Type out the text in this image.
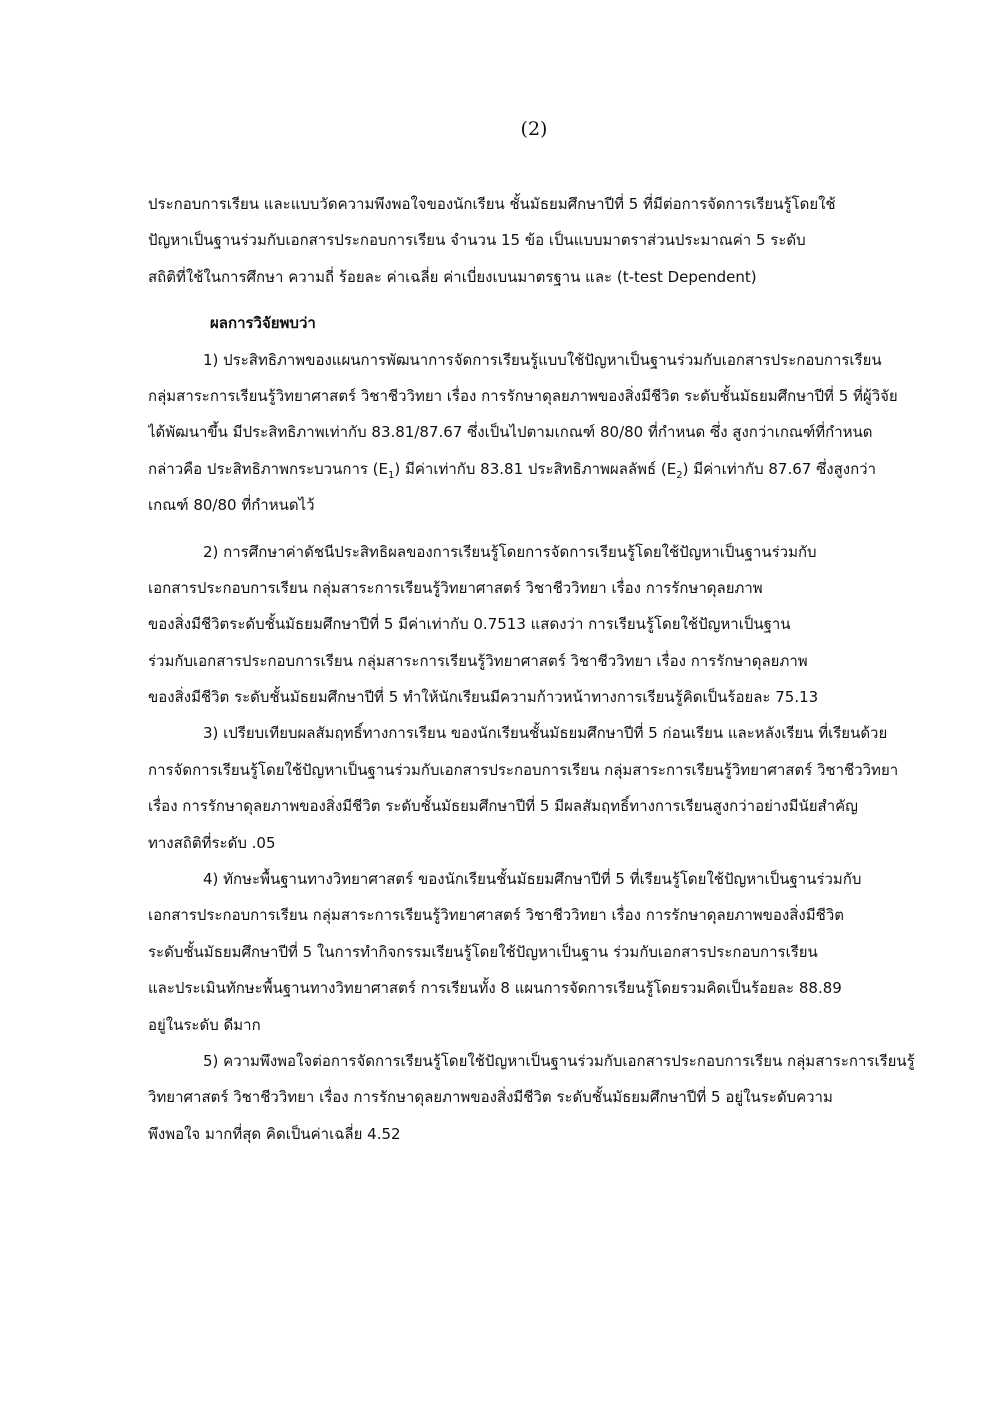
(2)
ประกอบการเรียน และแบบวัดความพึงพอใจของนักเรียน ชั้นมัธยมศึกษาปีที่ 5 ที่มีต่อการจัดการเรียนรู้โดยใช้
ปัญหาเป็นฐานร่วมกับเอกสารประกอบการเรียน จำนวน 15 ข้อ เป็นแบบมาตราส่วนประมาณค่า 5 ระดับ
สถิติที่ใช้ในการศึกษา ความถี่ ร้อยละ ค่าเฉลี่ย ค่าเบี่ยงเบนมาตรฐาน และ (t-test Dependent)
ผลการวิจัยพบว่า
1) ประสิทธิภาพของแผนการพัฒนาการจัดการเรียนรู้แบบใช้ปัญหาเป็นฐานร่วมกับเอกสารประกอบการเรียน
กลุ่มสาระการเรียนรู้วิทยาศาสตร์ วิชาชีววิทยา เรื่อง การรักษาดุลยภาพของสิ่งมีชีวิต ระดับชั้นมัธยมศึกษาปีที่ 5 ที่ผู้วิจัย
ได้พัฒนาขึ้น มีประสิทธิภาพเท่ากับ 83.81/87.67 ซึ่งเป็นไปตามเกณฑ์ 80/80 ที่กำหนด ซึ่ง สูงกว่าเกณฑ์ที่กำหนด
กล่าวคือ ประสิทธิภาพกระบวนการ $(E_1)$ มีค่าเท่ากับ 83.81 ประสิทธิภาพผลลัพธ์ $(E_2)$ มีค่าเท่ากับ 87.67 ซึ่งสูงกว่า
เกณฑ์ 80/80 ที่กำหนดไว้
2) การศึกษาค่าดัชนีประสิทธิผลของการเรียนรู้โดยการจัดการเรียนรู้โดยใช้ปัญหาเป็นฐานร่วมกับ
เอกสารประกอบการเรียน กลุ่มสาระการเรียนรู้วิทยาศาสตร์ วิชาชีววิทยา เรื่อง การรักษาดุลยภาพ
ของสิ่งมีชีวิตระดับชั้นมัธยมศึกษาปีที่ 5 มีค่าเท่ากับ 0.7513 แสดงว่า การเรียนรู้โดยใช้ปัญหาเป็นฐาน
ร่วมกับเอกสารประกอบการเรียน กลุ่มสาระการเรียนรู้วิทยาศาสตร์ วิชาชีววิทยา เรื่อง การรักษาดุลยภาพ
ของสิ่งมีชีวิต ระดับชั้นมัธยมศึกษาปีที่ 5 ทำให้นักเรียนมีความก้าวหน้าทางการเรียนรู้คิดเป็นร้อยละ 75.13
3) เปรียบเทียบผลสัมฤทธิ์ทางการเรียน ของนักเรียนชั้นมัธยมศึกษาปีที่ 5 ก่อนเรียน และหลังเรียน ที่เรียนด้วย
การจัดการเรียนรู้โดยใช้ปัญหาเป็นฐานร่วมกับเอกสารประกอบการเรียน กลุ่มสาระการเรียนรู้วิทยาศาสตร์ วิชาชีววิทยา
เรื่อง การรักษาดุลยภาพของสิ่งมีชีวิต ระดับชั้นมัธยมศึกษาปีที่ 5 มีผลสัมฤทธิ์ทางการเรียนสูงกว่าอย่างมีนัยสำคัญ
ทางสถิติที่ระดับ .05
4) ทักษะพื้นฐานทางวิทยาศาสตร์ ของนักเรียนชั้นมัธยมศึกษาปีที่ 5 ที่เรียนรู้โดยใช้ปัญหาเป็นฐานร่วมกับ
เอกสารประกอบการเรียน กลุ่มสาระการเรียนรู้วิทยาศาสตร์ วิชาชีววิทยา เรื่อง การรักษาดุลยภาพของสิ่งมีชีวิต
ระดับชั้นมัธยมศึกษาปีที่ 5 ในการทำกิจกรรมเรียนรู้โดยใช้ปัญหาเป็นฐาน ร่วมกับเอกสารประกอบการเรียน
และประเมินทักษะพื้นฐานทางวิทยาศาสตร์ การเรียนทั้ง 8 แผนการจัดการเรียนรู้โดยรวมคิดเป็นร้อยละ 88.89
อยู่ในระดับ ดีมาก
5) ความพึงพอใจต่อการจัดการเรียนรู้โดยใช้ปัญหาเป็นฐานร่วมกับเอกสารประกอบการเรียน กลุ่มสาระการเรียนรู้
วิทยาศาสตร์ วิชาชีววิทยา เรื่อง การรักษาดุลยภาพของสิ่งมีชีวิต ระดับชั้นมัธยมศึกษาปีที่ 5 อยู่ในระดับความ
พึงพอใจ มากที่สุด คิดเป็นค่าเฉลี่ย 4.52
